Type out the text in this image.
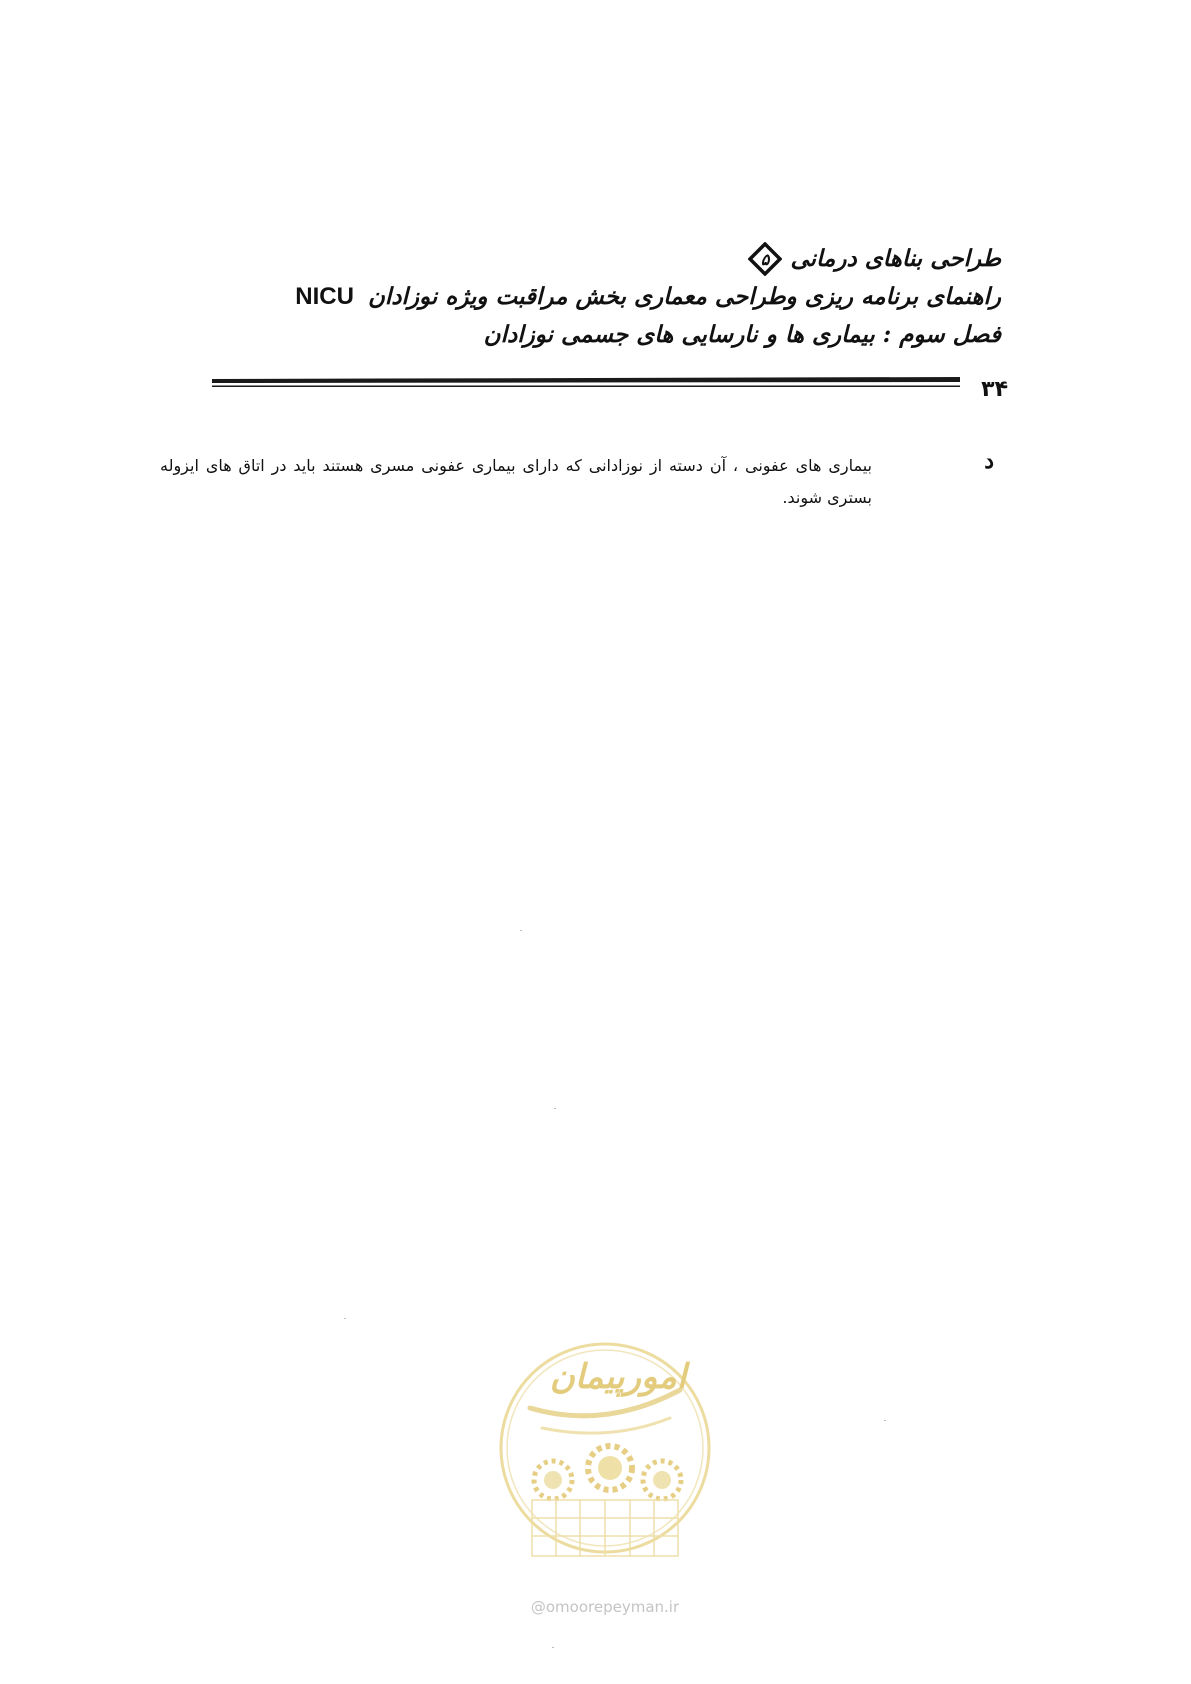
طراحی بناهای درمانی
۵
راهنمای برنامه ریزی وطراحی معماری بخش مراقبت ویژه نوزادان NICU
فصل سوم : بیماری ها و نارسایی های جسمی نوزادان
۳۴
د
بیماری های عفونی ، آن دسته از نوزادانی که دارای بیماری عفونی مسری هستند باید در اتاق های ایزوله بستری شوند.
امورپیمان
@omoorepeyman.ir
